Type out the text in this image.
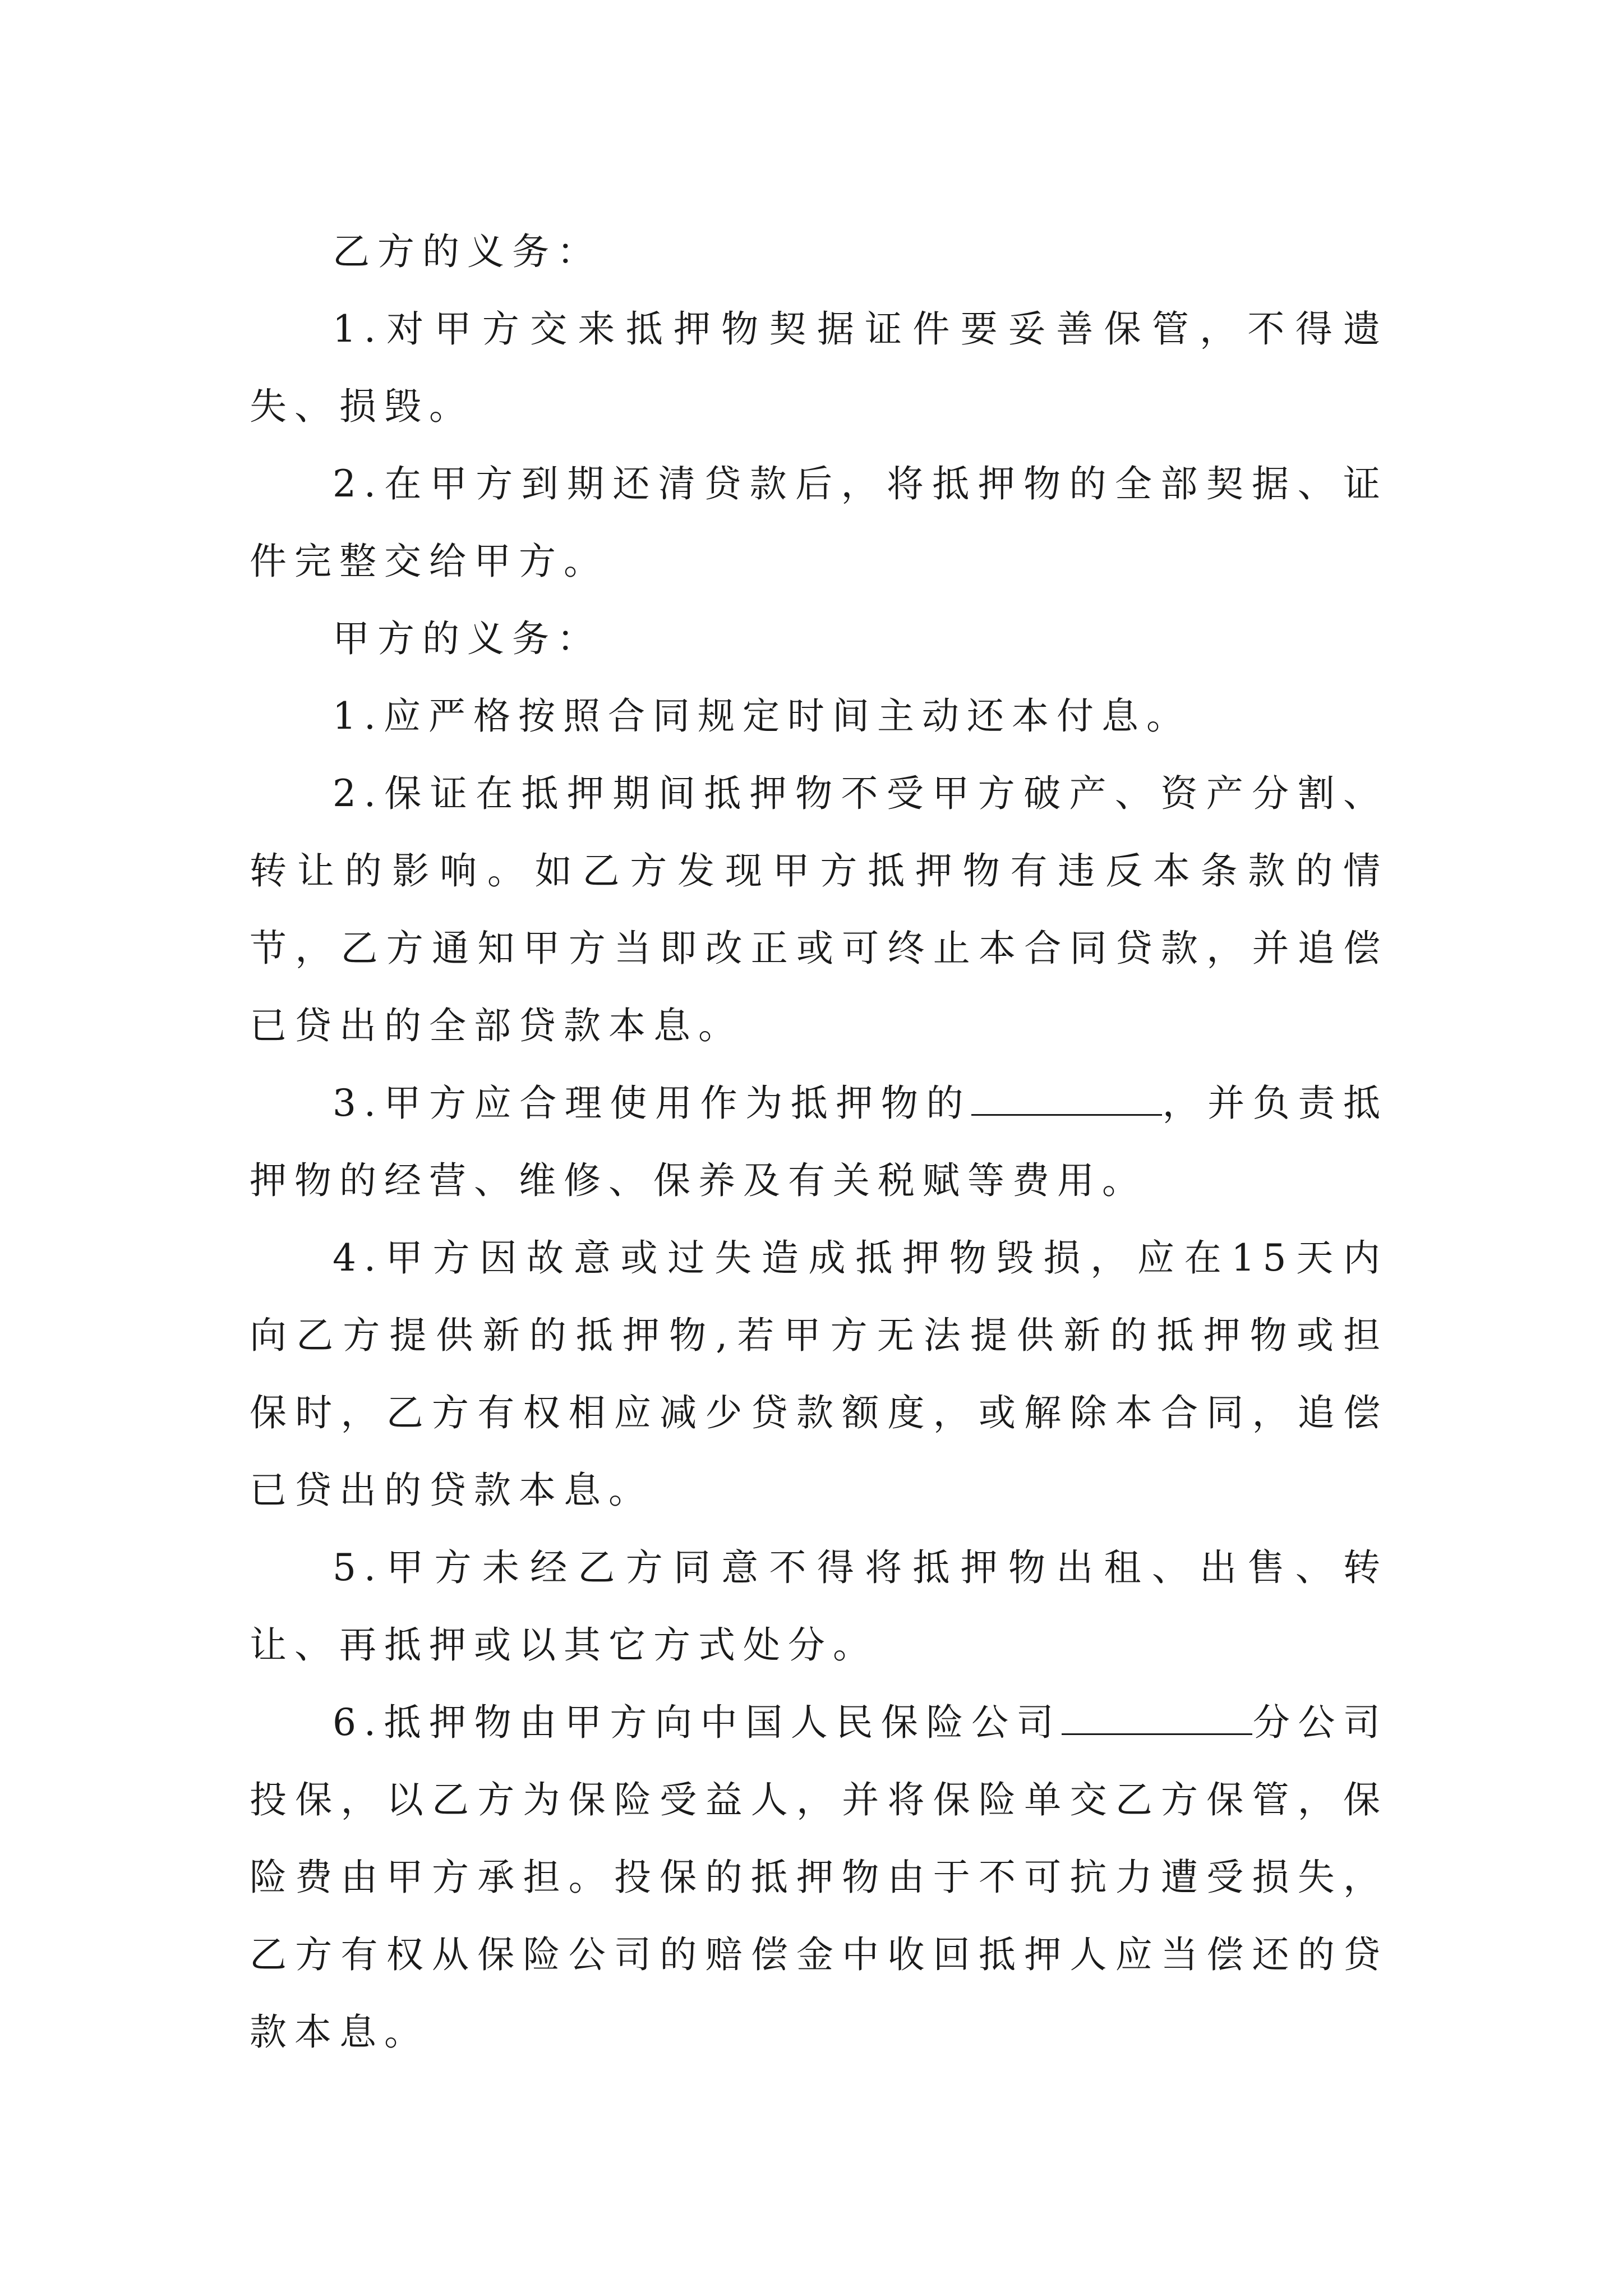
乙方的义务：

1.对甲方交来抵押物契据证件要妥善保管，不得遗失、损毁。

2.在甲方到期还清贷款后，将抵押物的全部契据、证件完整交给甲方。

甲方的义务：

1.应严格按照合同规定时间主动还本付息。

2.保证在抵押期间抵押物不受甲方破产、资产分割、转让的影响。如乙方发现甲方抵押物有违反本条款的情节，乙方通知甲方当即改正或可终止本合同贷款，并追偿已贷出的全部贷款本息。

3.甲方应合理使用作为抵押物的	，并负责抵押物的经营、维修、保养及有关税赋等费用。

4.甲方因故意或过失造成抵押物毁损，应在15天内向乙方提供新的抵押物,若甲方无法提供新的抵押物或担保时，乙方有权相应减少贷款额度，或解除本合同，追偿已贷出的贷款本息。

5.甲方未经乙方同意不得将抵押物出租、出售、转让、再抵押或以其它方式处分。

6.抵押物由甲方向中国人民保险公司	分公司投保，以乙方为保险受益人，并将保险单交乙方保管，保险费由甲方承担。投保的抵押物由于不可抗力遭受损失，乙方有权从保险公司的赔偿金中收回抵押人应当偿还的贷款本息。
